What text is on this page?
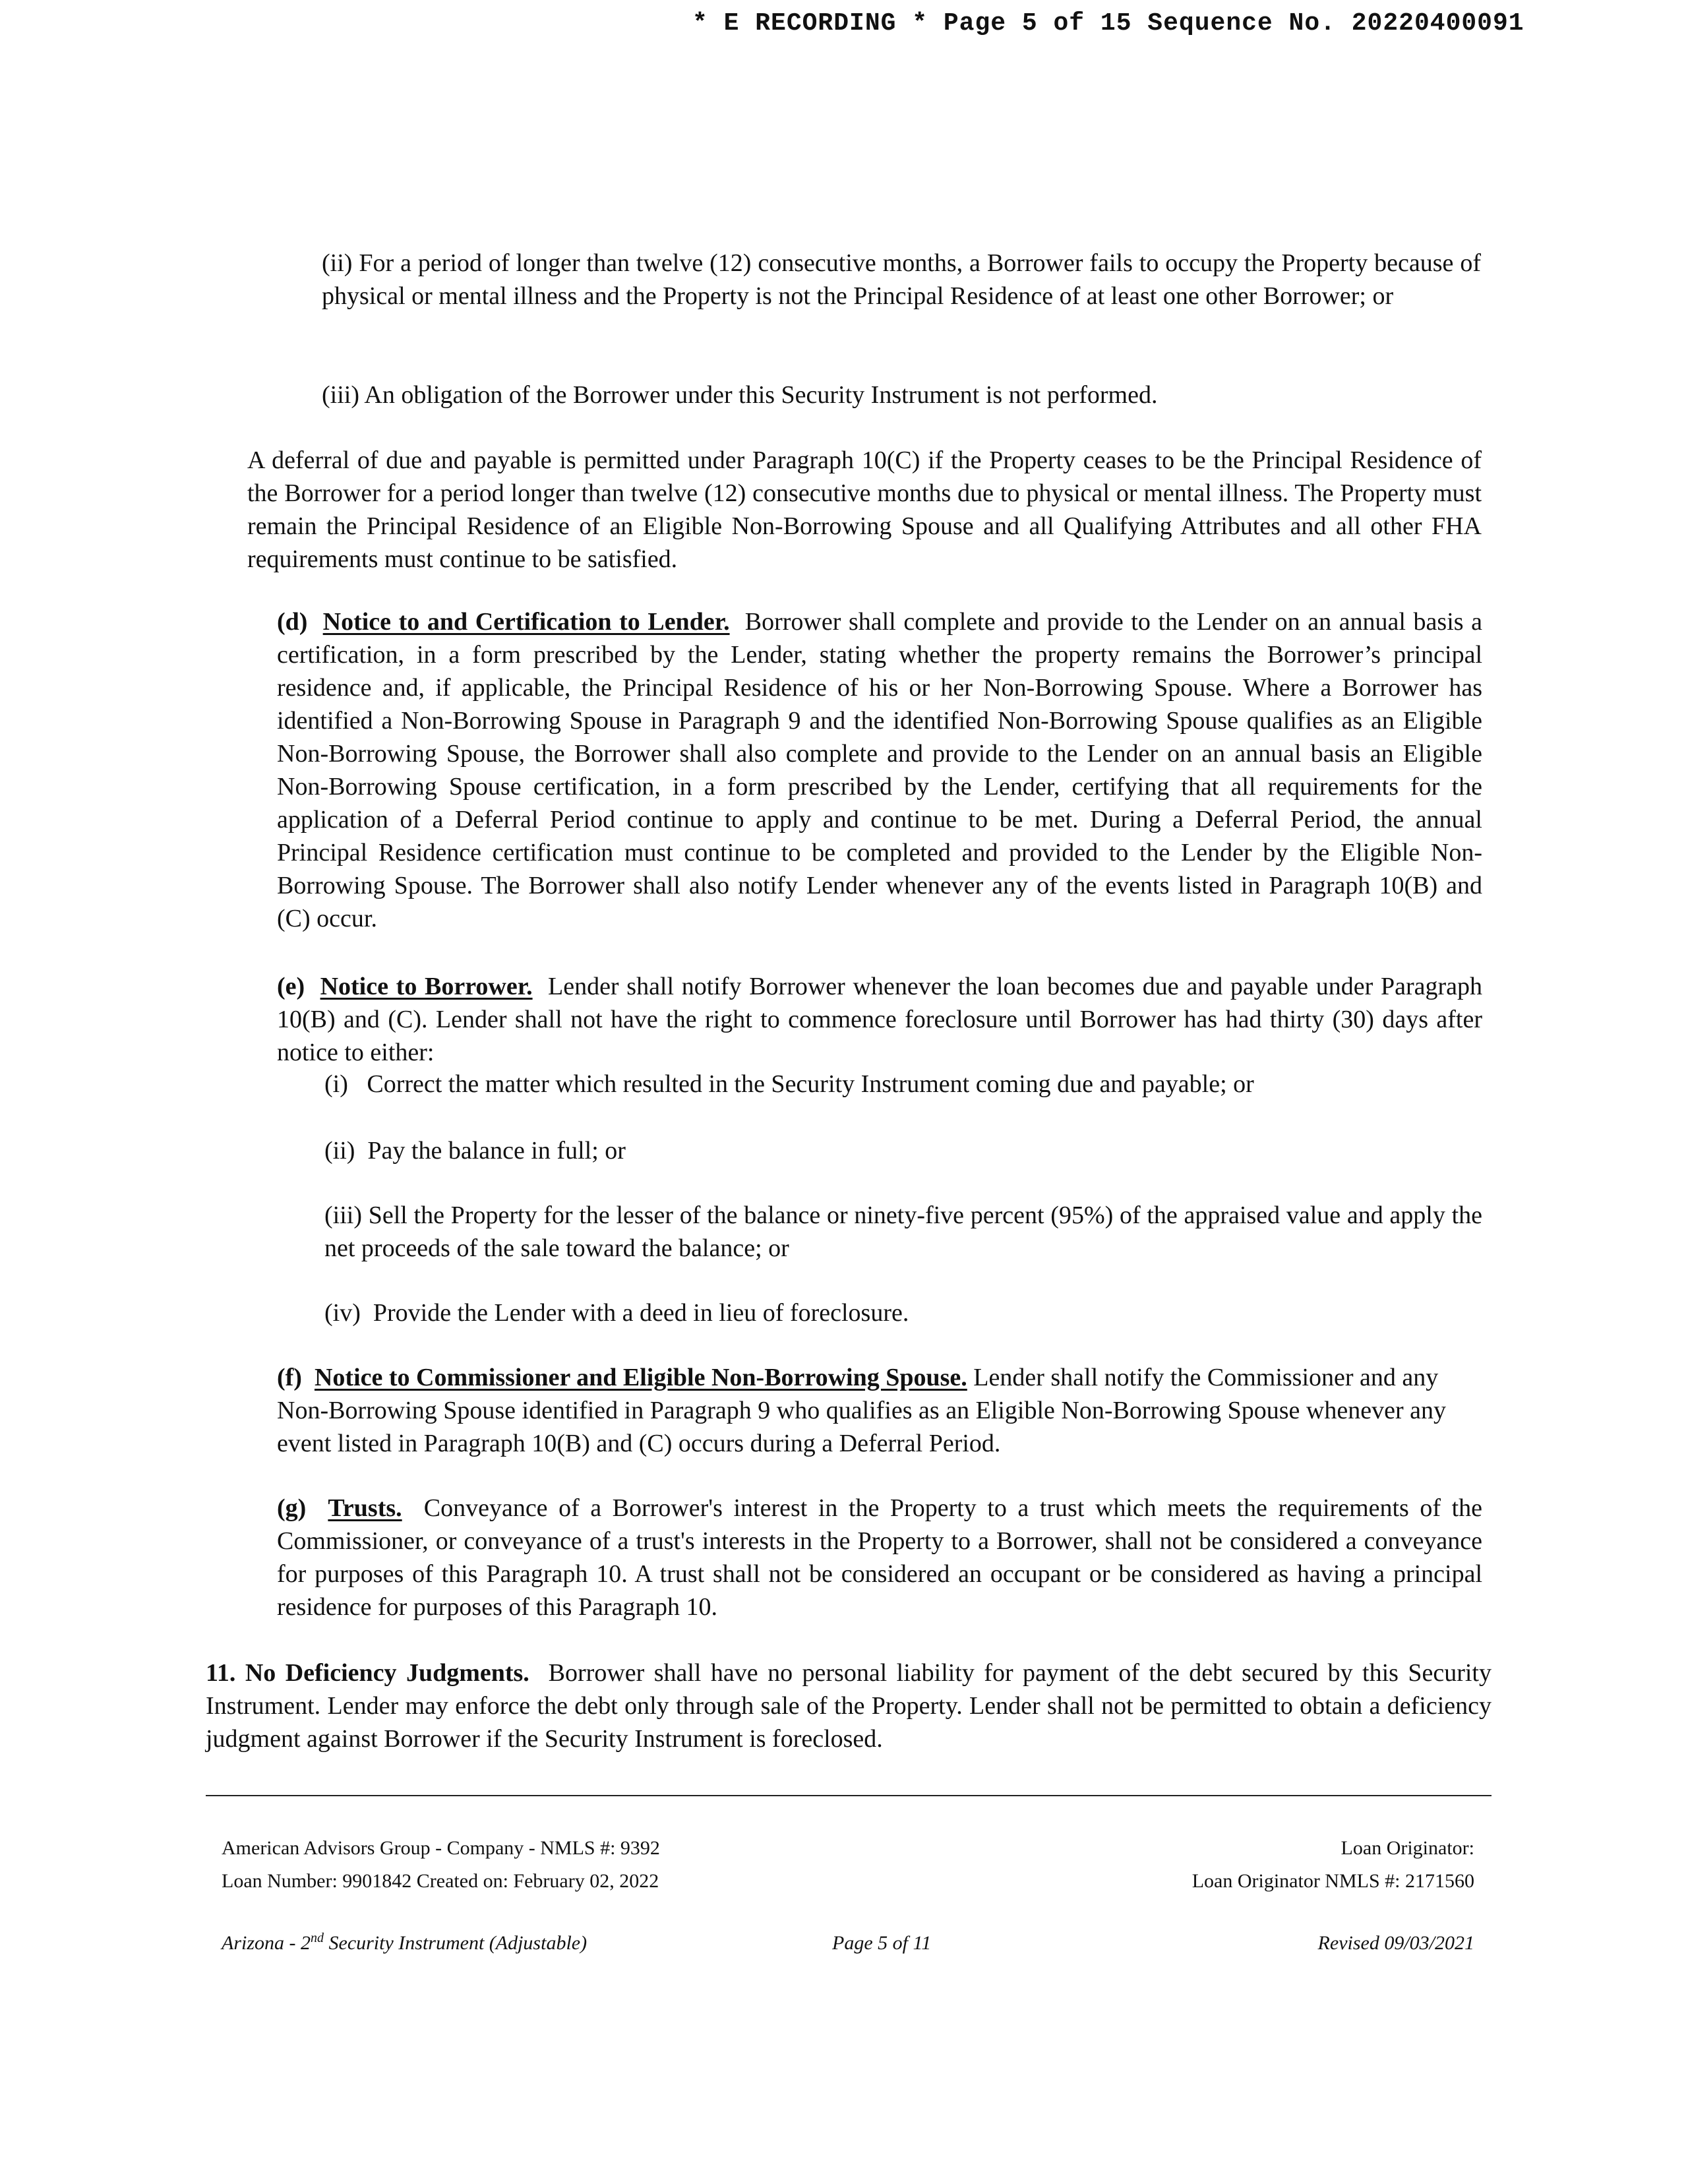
* E RECORDING * Page 5 of 15 Sequence No. 20220400091

(ii) For a period of longer than twelve (12) consecutive months, a Borrower fails to occupy the Property because of physical or mental illness and the Property is not the Principal Residence of at least one other Borrower; or

(iii) An obligation of the Borrower under this Security Instrument is not performed.

A deferral of due and payable is permitted under Paragraph 10(C) if the Property ceases to be the Principal Residence of the Borrower for a period longer than twelve (12) consecutive months due to physical or mental illness. The Property must remain the Principal Residence of an Eligible Non-Borrowing Spouse and all Qualifying Attributes and all other FHA requirements must continue to be satisfied.

(d) Notice to and Certification to Lender. Borrower shall complete and provide to the Lender on an annual basis a certification, in a form prescribed by the Lender, stating whether the property remains the Borrower’s principal residence and, if applicable, the Principal Residence of his or her Non-Borrowing Spouse. Where a Borrower has identified a Non-Borrowing Spouse in Paragraph 9 and the identified Non-Borrowing Spouse qualifies as an Eligible Non-Borrowing Spouse, the Borrower shall also complete and provide to the Lender on an annual basis an Eligible Non-Borrowing Spouse certification, in a form prescribed by the Lender, certifying that all requirements for the application of a Deferral Period continue to apply and continue to be met. During a Deferral Period, the annual Principal Residence certification must continue to be completed and provided to the Lender by the Eligible Non-Borrowing Spouse. The Borrower shall also notify Lender whenever any of the events listed in Paragraph 10(B) and (C) occur.

(e) Notice to Borrower. Lender shall notify Borrower whenever the loan becomes due and payable under Paragraph 10(B) and (C). Lender shall not have the right to commence foreclosure until Borrower has had thirty (30) days after notice to either:

(i)   Correct the matter which resulted in the Security Instrument coming due and payable; or

(ii)  Pay the balance in full; or

(iii) Sell the Property for the lesser of the balance or ninety-five percent (95%) of the appraised value and apply the net proceeds of the sale toward the balance; or

(iv)  Provide the Lender with a deed in lieu of foreclosure.

(f) Notice to Commissioner and Eligible Non-Borrowing Spouse. Lender shall notify the Commissioner and any Non-Borrowing Spouse identified in Paragraph 9 who qualifies as an Eligible Non-Borrowing Spouse whenever any event listed in Paragraph 10(B) and (C) occurs during a Deferral Period.

(g) Trusts. Conveyance of a Borrower's interest in the Property to a trust which meets the requirements of the Commissioner, or conveyance of a trust's interests in the Property to a Borrower, shall not be considered a conveyance for purposes of this Paragraph 10. A trust shall not be considered an occupant or be considered as having a principal residence for purposes of this Paragraph 10.

11. No Deficiency Judgments. Borrower shall have no personal liability for payment of the debt secured by this Security Instrument. Lender may enforce the debt only through sale of the Property. Lender shall not be permitted to obtain a deficiency judgment against Borrower if the Security Instrument is foreclosed.

American Advisors Group - Company - NMLS #: 9392
Loan Number: 9901842 Created on: February 02, 2022
Loan Originator:
Loan Originator NMLS #: 2171560
Arizona - 2nd Security Instrument (Adjustable)	Page 5 of 11	Revised 09/03/2021
